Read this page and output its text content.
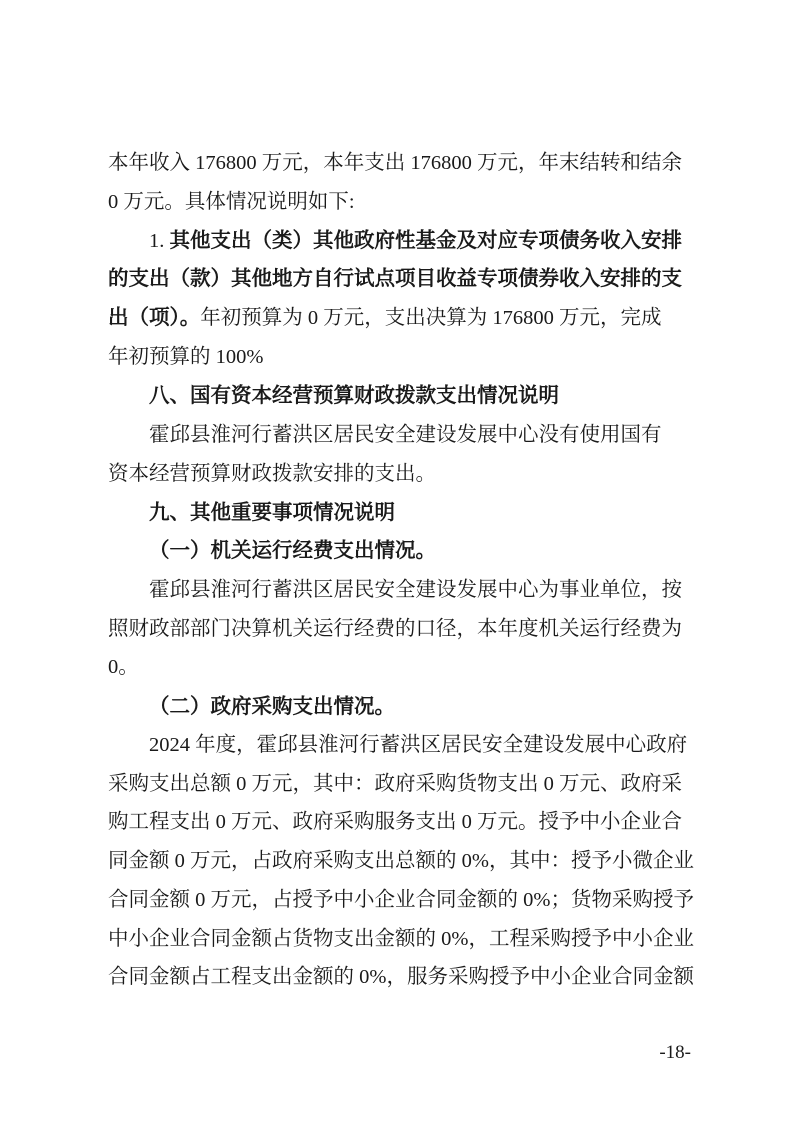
本年收入 176800 万元，本年支出 176800 万元，年末结转和结余
0 万元。具体情况说明如下:
1. 其他支出（类）其他政府性基金及对应专项债务收入安排
的支出（款）其他地方自行试点项目收益专项债券收入安排的支
出（项）。年初预算为 0 万元，支出决算为 176800 万元，完成
年初预算的 100%
八、国有资本经营预算财政拨款支出情况说明
霍邱县淮河行蓄洪区居民安全建设发展中心没有使用国有
资本经营预算财政拨款安排的支出。
九、其他重要事项情况说明
（一）机关运行经费支出情况。
霍邱县淮河行蓄洪区居民安全建设发展中心为事业单位，按
照财政部部门决算机关运行经费的口径，本年度机关运行经费为
0。
（二）政府采购支出情况。
2024 年度，霍邱县淮河行蓄洪区居民安全建设发展中心政府
采购支出总额 0 万元，其中：政府采购货物支出 0 万元、政府采
购工程支出 0 万元、政府采购服务支出 0 万元。授予中小企业合
同金额 0 万元，占政府采购支出总额的 0%，其中：授予小微企业
合同金额 0 万元，占授予中小企业合同金额的 0%；货物采购授予
中小企业合同金额占货物支出金额的 0%，工程采购授予中小企业
合同金额占工程支出金额的 0%，服务采购授予中小企业合同金额
-18-
